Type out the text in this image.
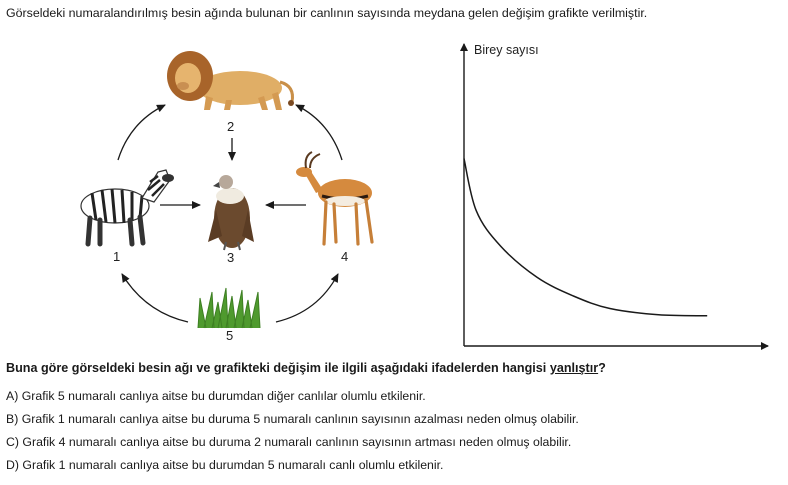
Görseldeki numaralandırılmış besin ağında bulunan bir canlının sayısında meydana gelen değişim grafikte verilmiştir.
1
2
3	4
5
Birey sayısı
Buna göre görseldeki besin ağı ve grafikteki değişim ile ilgili aşağıdaki ifadelerden hangisi yanlıştır?
A) Grafik 5 numaralı canlıya aitse bu durumdan diğer canlılar olumlu etkilenir.
B) Grafik 1 numaralı canlıya aitse bu duruma 5 numaralı canlının sayısının azalması neden olmuş olabilir.
C) Grafik 4 numaralı canlıya aitse bu duruma 2 numaralı canlının sayısının artması neden olmuş olabilir.
D) Grafik 1 numaralı canlıya aitse bu durumdan 5 numaralı canlı olumlu etkilenir.
